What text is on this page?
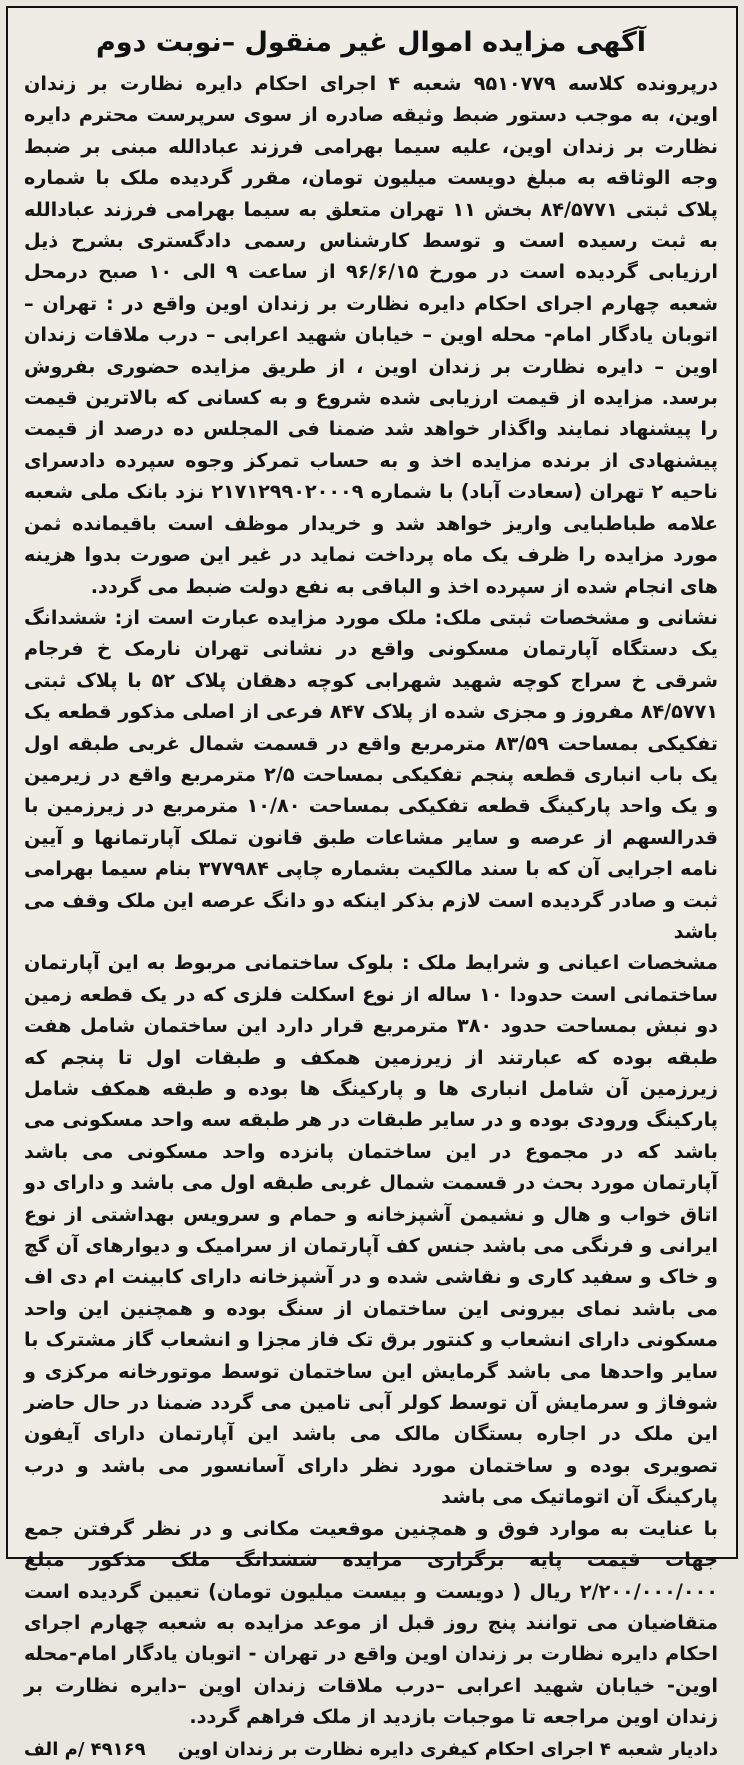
آگهی مزایده اموال غیر منقول –نوبت دوم

درپرونده کلاسه ۹۵۱۰۷۷۹ شعبه ۴ اجرای احکام دایره نظارت بر زندان اوین، به موجب دستور ضبط وثیقه صادره از سوی سرپرست محترم دایره نظارت بر زندان اوین، علیه سیما بهرامی فرزند عبادالله مبنی بر ضبط وجه الوثاقه به مبلغ دویست میلیون تومان، مقرر گردیده ملک با شماره پلاک ثبتی ۸۴/۵۷۷۱ بخش ۱۱ تهران متعلق به سیما بهرامی فرزند عبادالله به ثبت رسیده است و توسط کارشناس رسمی دادگستری بشرح ذیل ارزیابی گردیده است در مورخ ۹۶/۶/۱۵ از ساعت ۹ الی ۱۰ صبح درمحل شعبه چهارم اجرای احکام دایره نظارت بر زندان اوین واقع در : تهران – اتوبان یادگار امام- محله اوین – خیابان شهید اعرابی – درب ملاقات زندان اوین – دایره نظارت بر زندان اوین ، از طریق مزایده حضوری بفروش برسد. مزایده از قیمت ارزیابی شده شروع و به کسانی که بالاترین قیمت را پیشنهاد نمایند واگذار خواهد شد ضمنا فی المجلس ده درصد از قیمت پیشنهادی از برنده مزایده اخذ و به حساب تمرکز وجوه سپرده دادسرای ناحیه ۲ تهران (سعادت آباد) با شماره ۲۱۷۱۲۹۹۰۲۰۰۰۹ نزد بانک ملی شعبه علامه طباطبایی واریز خواهد شد و خریدار موظف است باقیمانده ثمن مورد مزایده را ظرف یک ماه پرداخت نماید در غیر این صورت بدوا هزینه های انجام شده از سپرده اخذ و الباقی به نفع دولت ضبط می گردد.

نشانی و مشخصات ثبتی ملک: ملک مورد مزایده عبارت است از: ششدانگ یک دستگاه آپارتمان مسکونی واقع در نشانی تهران نارمک خ فرجام شرقی خ سراج کوچه شهید شهرابی کوچه دهقان پلاک ۵۲ با پلاک ثبتی ۸۴/۵۷۷۱ مفروز و مجزی شده از پلاک ۸۴۷ فرعی از اصلی مذکور قطعه یک تفکیکی بمساحت ۸۳/۵۹ مترمربع واقع در قسمت شمال غربی طبقه اول یک باب انباری قطعه پنجم تفکیکی بمساحت ۲/۵ مترمربع واقع در زیرمین و یک واحد پارکینگ قطعه تفکیکی بمساحت ۱۰/۸۰ مترمربع در زیرزمین با قدرالسهم از عرصه و سایر مشاعات طبق قانون تملک آپارتمانها و آیین نامه اجرایی آن که با سند مالکیت بشماره چاپی ۳۷۷۹۸۴ بنام سیما بهرامی ثبت و صادر گردیده است لازم بذکر اینکه دو دانگ عرصه این ملک وقف می باشد

مشخصات اعیانی و شرایط ملک : بلوک ساختمانی مربوط به این آپارتمان ساختمانی است حدودا ۱۰ ساله از نوع اسکلت فلزی که در یک قطعه زمین دو نبش بمساحت حدود ۳۸۰ مترمربع قرار دارد این ساختمان شامل هفت طبقه بوده که عبارتند از زیرزمین همکف و طبقات اول تا پنجم که زیرزمین آن شامل انباری ها و پارکینگ ها بوده و طبقه همکف شامل پارکینگ ورودی بوده و در سایر طبقات در هر طبقه سه واحد مسکونی می باشد که در مجموع در این ساختمان پانزده واحد مسکونی می باشد آپارتمان مورد بحث در قسمت شمال غربی طبقه اول می باشد و دارای دو اتاق خواب و هال و نشیمن آشپزخانه و حمام و سرویس بهداشتی از نوع ایرانی و فرنگی می باشد جنس کف آپارتمان از سرامیک و دیوارهای آن گچ و خاک و سفید کاری و نقاشی شده و در آشپزخانه دارای کابینت ام دی اف می باشد نمای بیرونی این ساختمان از سنگ بوده و همچنین این واحد مسکونی دارای انشعاب و کنتور برق تک فاز مجزا و انشعاب گاز مشترک با سایر واحدها می باشد گرمایش این ساختمان توسط موتورخانه مرکزی و شوفاژ و سرمایش آن توسط کولر آبی تامین می گردد ضمنا در حال حاضر این ملک در اجاره بستگان مالک می باشد این آپارتمان دارای آیفون تصویری بوده و ساختمان مورد نظر دارای آسانسور می باشد و درب پارکینگ آن اتوماتیک می باشد

با عنایت به موارد فوق و همچنین موقعیت مکانی و در نظر گرفتن جمع جهات قیمت پایه برگزاری مزایده ششدانگ ملک مذکور مبلغ ۲/۲۰۰/۰۰۰/۰۰۰ ریال ( دویست و بیست میلیون تومان) تعیین گردیده است متقاضیان می توانند پنج روز قبل از موعد مزایده به شعبه چهارم اجرای احکام دایره نظارت بر زندان اوین واقع در تهران - اتوبان یادگار امام-محله اوین- خیابان شهید اعرابی –درب ملاقات زندان اوین –دایره نظارت بر زندان اوین مراجعه تا موجبات بازدید از ملک فراهم گردد.

دادیار شعبه ۴ اجرای احکام کیفری دایره نظارت بر زندان اوین
۴۹۱۶۹ /م الف
